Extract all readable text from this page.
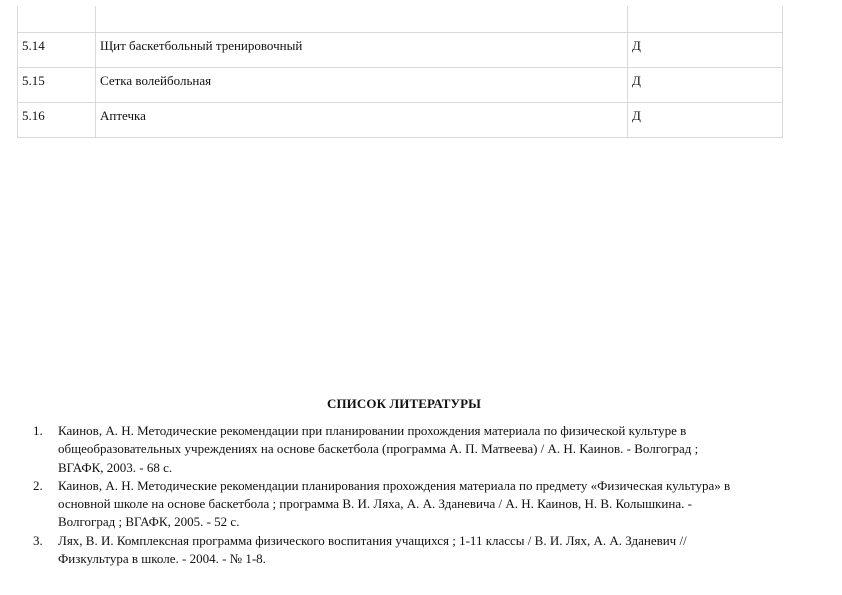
5.14	Щит баскетбольный тренировочный	Д
5.15	Сетка волейбольная	Д
5.16	Аптечка	Д
СПИСОК ЛИТЕРАТУРЫ
1. Каинов, А. Н. Методические рекомендации при планировании прохождения материала по физической культуре в
общеобразовательных учреждениях на основе баскетбола (программа А. П. Матвеева) / А. Н. Каинов. - Волгоград ;
ВГАФК, 2003. - 68 с.
2. Каинов, А. Н. Методические рекомендации планирования прохождения материала по предмету «Физическая культура» в
основной школе на основе баскетбола ; программа В. И. Ляха, А. А. Зданевича / А. Н. Каинов, Н. В. Колышкина. -
Волгоград ; ВГАФК, 2005. - 52 с.
3. Лях, В. И. Комплексная программа физического воспитания учащихся ; 1-11 классы / В. И. Лях, А. А. Зданевич //
Физкультура в школе. - 2004. - № 1-8.
